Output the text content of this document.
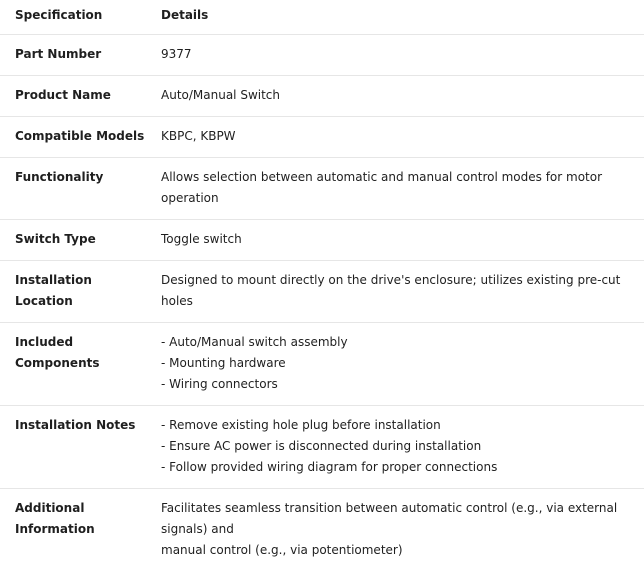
Specification	Details

Part Number	9377

Product Name	Auto/Manual Switch

Compatible Models	KBPC, KBPW

Functionality	Allows selection between automatic and manual control modes for motor operation

Switch Type	Toggle switch

Installation
Location	Designed to mount directly on the drive's enclosure; utilizes existing pre-cut holes

Included
Components	- Auto/Manual switch assembly
- Mounting hardware
- Wiring connectors

Installation Notes	- Remove existing hole plug before installation
- Ensure AC power is disconnected during installation
- Follow provided wiring diagram for proper connections

Additional
Information	Facilitates seamless transition between automatic control (e.g., via external signals) and
manual control (e.g., via potentiometer)
